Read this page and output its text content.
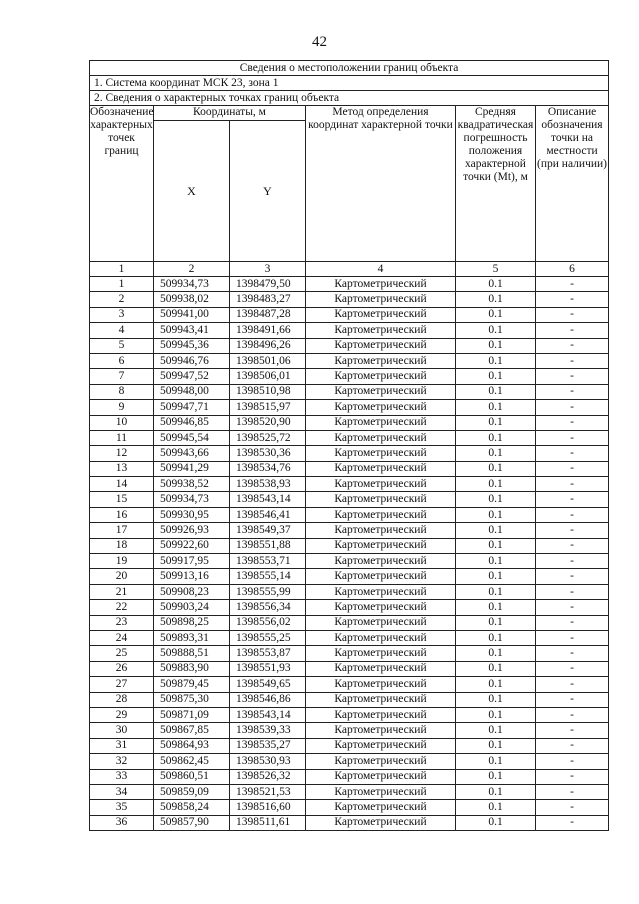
42
Сведения о местоположении границ объекта					
1. Система координат МСК 23, зона 1					
2. Сведения о характерных точках границ объекта					
Обозначение характерных точек границ	Координаты, м		Метод определения координат характерной точки	Средняя квадратическая погрешность положения характерной точки (Mt), м	Описание обозначения точки на местности (при наличии)
	X	Y			
1	2	3	4	5	6
1	509934,73	1398479,50	Картометрический	0.1	-
2	509938,02	1398483,27	Картометрический	0.1	-
3	509941,00	1398487,28	Картометрический	0.1	-
4	509943,41	1398491,66	Картометрический	0.1	-
5	509945,36	1398496,26	Картометрический	0.1	-
6	509946,76	1398501,06	Картометрический	0.1	-
7	509947,52	1398506,01	Картометрический	0.1	-
8	509948,00	1398510,98	Картометрический	0.1	-
9	509947,71	1398515,97	Картометрический	0.1	-
10	509946,85	1398520,90	Картометрический	0.1	-
11	509945,54	1398525,72	Картометрический	0.1	-
12	509943,66	1398530,36	Картометрический	0.1	-
13	509941,29	1398534,76	Картометрический	0.1	-
14	509938,52	1398538,93	Картометрический	0.1	-
15	509934,73	1398543,14	Картометрический	0.1	-
16	509930,95	1398546,41	Картометрический	0.1	-
17	509926,93	1398549,37	Картометрический	0.1	-
18	509922,60	1398551,88	Картометрический	0.1	-
19	509917,95	1398553,71	Картометрический	0.1	-
20	509913,16	1398555,14	Картометрический	0.1	-
21	509908,23	1398555,99	Картометрический	0.1	-
22	509903,24	1398556,34	Картометрический	0.1	-
23	509898,25	1398556,02	Картометрический	0.1	-
24	509893,31	1398555,25	Картометрический	0.1	-
25	509888,51	1398553,87	Картометрический	0.1	-
26	509883,90	1398551,93	Картометрический	0.1	-
27	509879,45	1398549,65	Картометрический	0.1	-
28	509875,30	1398546,86	Картометрический	0.1	-
29	509871,09	1398543,14	Картометрический	0.1	-
30	509867,85	1398539,33	Картометрический	0.1	-
31	509864,93	1398535,27	Картометрический	0.1	-
32	509862,45	1398530,93	Картометрический	0.1	-
33	509860,51	1398526,32	Картометрический	0.1	-
34	509859,09	1398521,53	Картометрический	0.1	-
35	509858,24	1398516,60	Картометрический	0.1	-
36	509857,90	1398511,61	Картометрический	0.1	-
